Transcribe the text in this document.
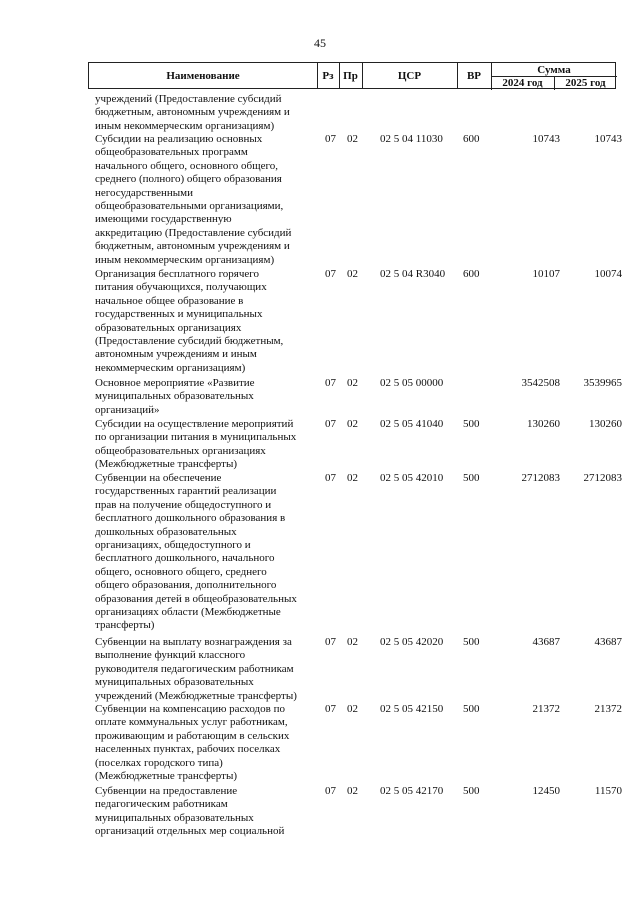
45
Наименование	Рз Пр	ЦСР	ВР	Сумма
2024 год	2025 год
учреждений (Предоставление субсидий
бюджетным, автономным учреждениям и
иным некоммерческим организациям)
Субсидии на реализацию основных
общеобразовательных программ
начального общего, основного общего,
среднего (полного) общего образования
негосударственными
общеобразовательными организациями,
имеющими государственную
аккредитацию (Предоставление субсидий
бюджетным, автономным учреждениям и
иным некоммерческим организациям)
07 02 02 5 04 11030 600	10743	10743
Организация бесплатного горячего
питания обучающихся, получающих
начальное общее образование в
государственных и муниципальных
образовательных организациях
(Предоставление субсидий бюджетным,
автономным учреждениям и иным
некоммерческим организациям)
07 02 02 5 04 R3040 600	10107	10074
Основное мероприятие «Развитие
муниципальных образовательных
организаций»
07 02 02 5 05 00000	3542508 3539965
Субсидии на осуществление мероприятий
по организации питания в муниципальных
общеобразовательных организациях
(Межбюджетные трансферты)
07 02 02 5 05 41040 500	130260	130260
Субвенции на обеспечение
государственных гарантий реализации
прав на получение общедоступного и
бесплатного дошкольного образования в
дошкольных образовательных
организациях, общедоступного и
бесплатного дошкольного, начального
общего, основного общего, среднего
общего образования, дополнительного
образования детей в общеобразовательных
организациях области (Межбюджетные
трансферты)
07 02 02 5 05 42010 500	2712083 2712083
Субвенции на выплату вознаграждения за
выполнение функций классного
руководителя педагогическим работникам
муниципальных образовательных
учреждений (Межбюджетные трансферты)
07 02 02 5 05 42020 500	43687	43687
Субвенции на компенсацию расходов по
оплате коммунальных услуг работникам,
проживающим и работающим в сельских
населенных пунктах, рабочих поселках
(поселках городского типа)
(Межбюджетные трансферты)
07 02 02 5 05 42150 500	21372	21372
Субвенции на предоставление
педагогическим работникам
муниципальных образовательных
организаций отдельных мер социальной
07 02 02 5 05 42170 500	12450	11570
